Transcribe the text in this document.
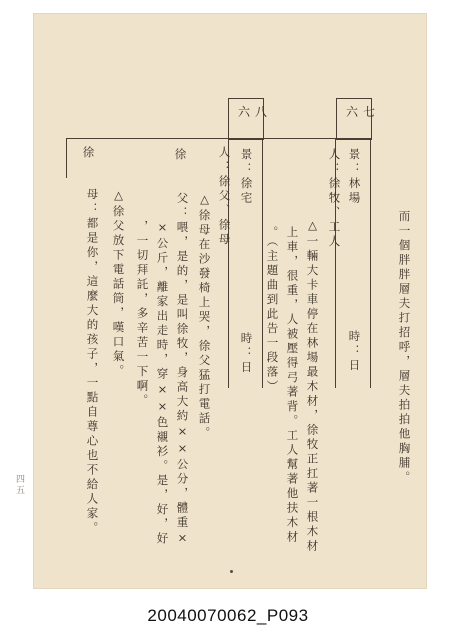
而一個胖胖層夫打招呼，層夫拍拍他胸脯。
六七
景：林場
時：日
人：徐牧、工人
△一輛大卡車停在林場最木材，徐牧正扛著一根木材
上車，很重，人被壓得弓著背。工人幫著他扶木材
。（主題曲到此告一段落）
六八
景：徐宅
時：日
人：徐父、徐母
△徐母在沙發椅上哭，徐父猛打電話。
徐
父：喂，是的，是叫徐牧，身高大約××公分，體重×
×公斤，離家出走時，穿××色襯衫。是，好，好
，一切拜託，多辛苦一下啊。
△徐父放下電話筒，嘆口氣。
徐
母：都是你，這麼大的孩子，一點自尊心也不給人家。
四五
20040070062_P093
